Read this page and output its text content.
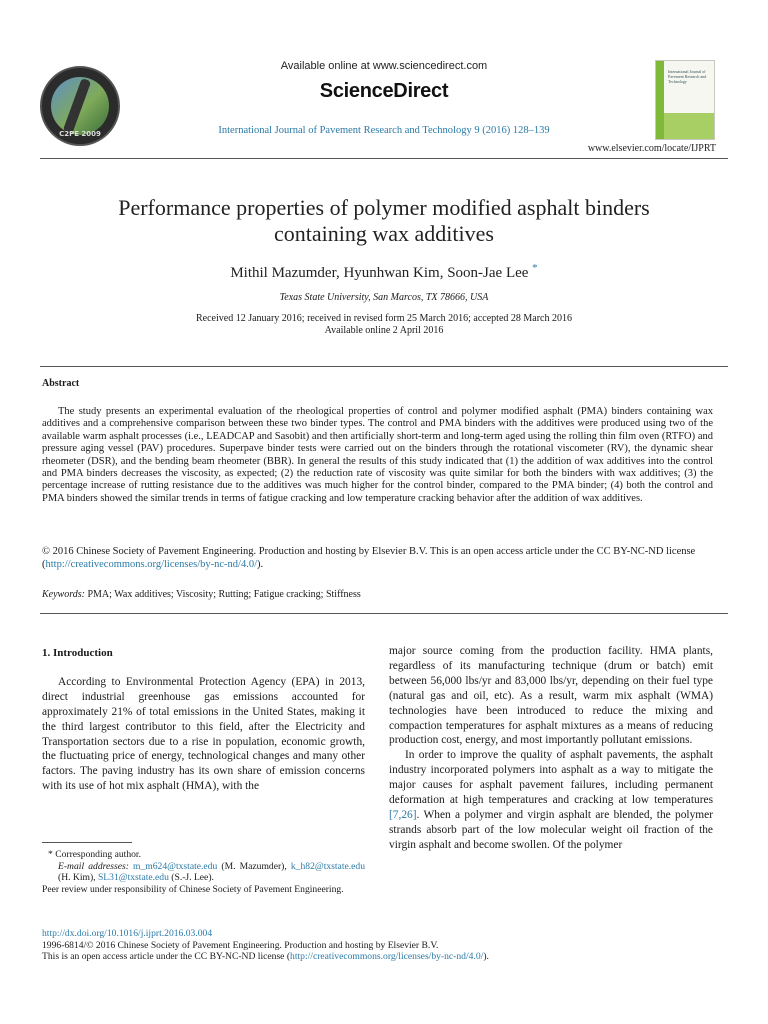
C2PE 2009
Available online at www.sciencedirect.com
ScienceDirect
International Journal of Pavement Research and Technology 9 (2016) 128–139
International Journal of Pavement Research and Technology
www.elsevier.com/locate/IJPRT
Performance properties of polymer modified asphalt binders
containing wax additives
Mithil Mazumder, Hyunhwan Kim, Soon-Jae Lee *
Texas State University, San Marcos, TX 78666, USA
Received 12 January 2016; received in revised form 25 March 2016; accepted 28 March 2016
Available online 2 April 2016
Abstract
The study presents an experimental evaluation of the rheological properties of control and polymer modified asphalt (PMA) binders containing wax additives and a comprehensive comparison between these two binder types. The control and PMA binders with the additives were produced using two of the available warm asphalt processes (i.e., LEADCAP and Sasobit) and then artificially short-term and long-term aged using the rolling thin film oven (RTFO) and pressure aging vessel (PAV) procedures. Superpave binder tests were carried out on the binders through the rotational viscometer (RV), the dynamic shear rheometer (DSR), and the bending beam rheometer (BBR). In general the results of this study indicated that (1) the addition of wax additives into the control and PMA binders decreases the viscosity, as expected; (2) the reduction rate of viscosity was quite similar for both the binders with wax additives; (3) the percentage increase of rutting resistance due to the additives was much higher for the control binder, compared to the PMA binder; (4) both the control and PMA binders showed the similar trends in terms of fatigue cracking and low temperature cracking behavior after the addition of wax additives.
© 2016 Chinese Society of Pavement Engineering. Production and hosting by Elsevier B.V. This is an open access article under the CC BY-NC-ND license (http://creativecommons.org/licenses/by-nc-nd/4.0/).
Keywords: PMA; Wax additives; Viscosity; Rutting; Fatigue cracking; Stiffness

1. Introduction

According to Environmental Protection Agency (EPA) in 2013, direct industrial greenhouse gas emissions accounted for approximately 21% of total emissions in the United States, making it the third largest contributor to this field, after the Electricity and Transportation sectors due to a rise in population, economic growth, the fluctuating price of energy, technological changes and many other factors. The paving industry has its own share of emission concerns with its use of hot mix asphalt (HMA), with the

major source coming from the production facility. HMA plants, regardless of its manufacturing technique (drum or batch) emit between 56,000 lbs/yr and 83,000 lbs/yr, depending on their fuel type (natural gas and oil, etc). As a result, warm mix asphalt (WMA) technologies have been introduced to reduce the mixing and compaction temperatures for asphalt mixtures as a means of reducing production cost, energy, and most importantly pollutant emissions.

In order to improve the quality of asphalt pavements, the asphalt industry incorporated polymers into asphalt as a way to mitigate the major causes for asphalt pavement failures, including permanent deformation at high temperatures and cracking at low temperatures [7,26]. When a polymer and virgin asphalt are blended, the polymer strands absorb part of the low molecular weight oil fraction of the virgin asphalt and become swollen. Of the polymer

* Corresponding author.

E-mail addresses: m_m624@txstate.edu (M. Mazumder), k_h82@txstate.edu (H. Kim), SL31@txstate.edu (S.-J. Lee).

Peer review under responsibility of Chinese Society of Pavement Engineering.

http://dx.doi.org/10.1016/j.ijprt.2016.03.004

1996-6814/© 2016 Chinese Society of Pavement Engineering. Production and hosting by Elsevier B.V.

This is an open access article under the CC BY-NC-ND license (http://creativecommons.org/licenses/by-nc-nd/4.0/).
